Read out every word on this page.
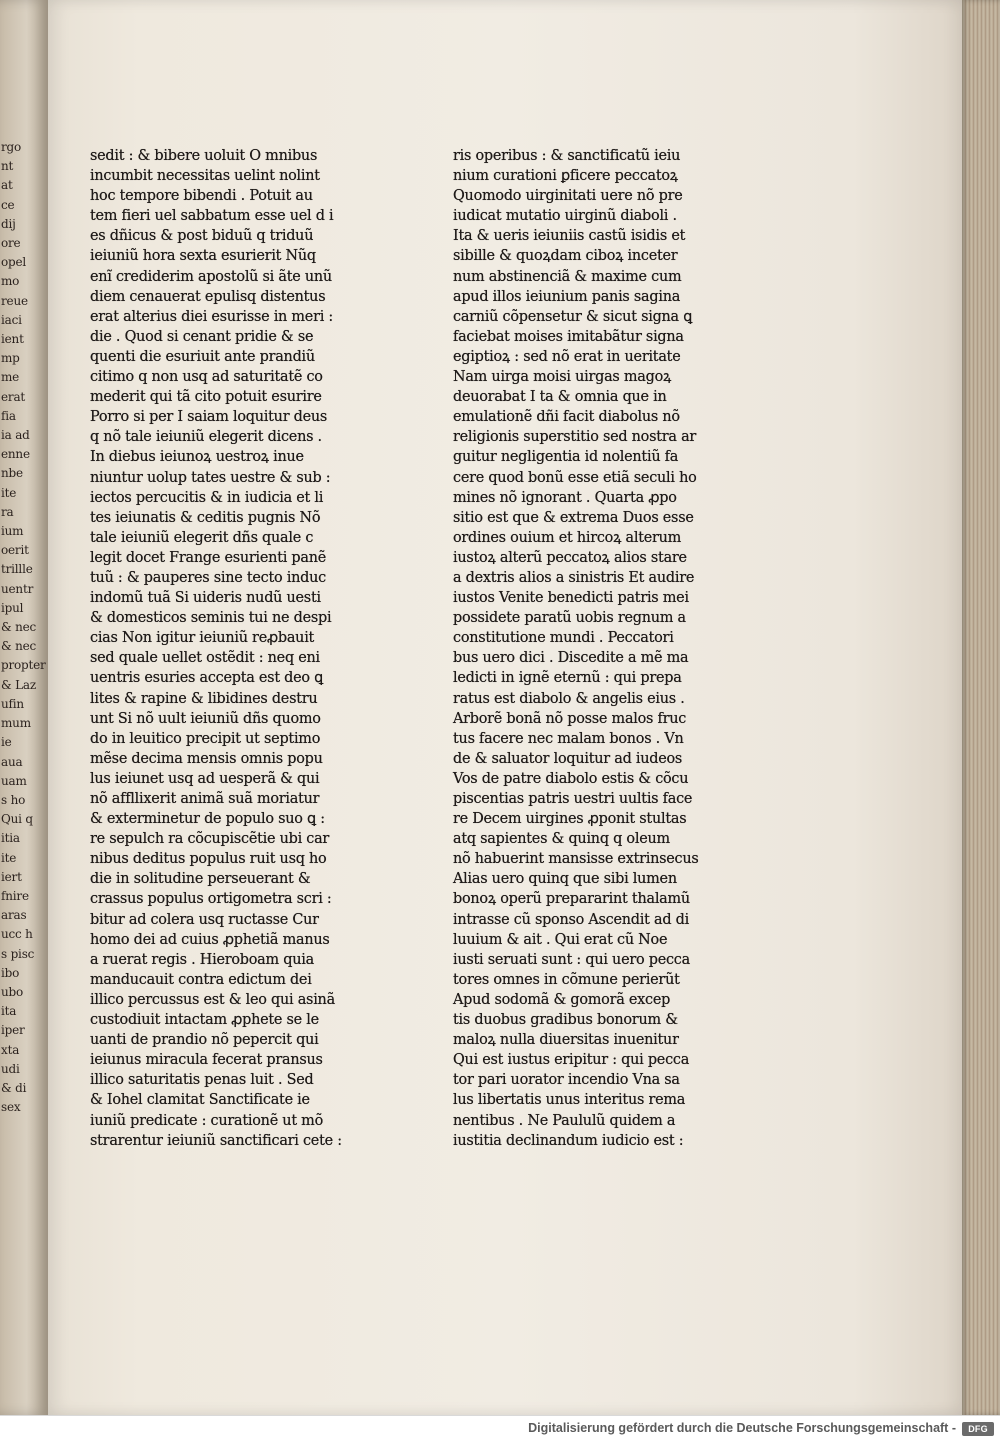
rgo
nt
at
ce
dij
ore
opel
mo
reue
iaci
ient
mp
me
erat
fia
ia ad
enne
nbe
ite
ra
ium
oerit
trillle
uentr
ipul
& nec
& nec
propter
& Laz
ufin
mum ie
aua
uam
s ho
Qui q
itia
ite
iert
fnire
aras
ucc h
s pisc
ibo
ubo
ita
iper
xta
udi
& di
sex
sedit : & bibere uoluit O mnibus
incumbit necessitas uelint nolint
hoc tempore bibendi . Potuit au
tem fieri uel sabbatum esse uel d i
es dñicus & post biduũ q triduũ
ieiuniũ hora sexta esurierit Nũq
enĩ crediderim apostolũ si ãte unũ
diem cenauerat epulisq distentus
erat alterius diei esurisse in meri :
die . Quod si cenant pridie & se
quenti die esuriuit ante prandiũ
citimo q non usq ad saturitatẽ co
mederit qui tã cito potuit esurire
Porro si per I saiam loquitur deus
q nõ tale ieiuniũ elegerit dicens .
In diebus ieiunoꝝ uestroꝝ inue
niuntur uolup tates uestre & sub :
iectos percucitis & in iudicia et li
tes ieiunatis & ceditis pugnis Nõ
tale ieiuniũ elegerit dñs quale c
legit docet Frange esurienti panẽ
tuũ : & pauperes sine tecto induc
indomũ tuã Si uideris nudũ uesti
& domesticos seminis tui ne despi
cias Non igitur ieiuniũ reꝓbauit
sed quale uellet ostẽdit : neq eni
uentris esuries accepta est deo ꝗ
lites & rapine & libidines destru
unt Si nõ uult ieiuniũ dñs quomo
do in leuitico precipit ut septimo
mẽse decima mensis omnis popu
lus ieiunet usq ad uesperã & qui
nõ affllixerit animã suã moriatur
& exterminetur de populo suo ꝗ :
re sepulch ra cõcupiscẽtie ubi car
nibus deditus populus ruit usq ho
die in solitudine perseuerant &
crassus populus ortigometra scri :
bitur ad colera usq ructasse Cur
homo dei ad cuius ꝓphetiã manus
a ruerat regis . Hieroboam quia
manducauit contra edictum dei
illico percussus est & leo qui asinã
custodiuit intactam ꝓphete se le
uanti de prandio nõ pepercit qui
ieiunus miracula fecerat pransus
illico saturitatis penas luit . Sed
& Iohel clamitat Sanctificate ie
iuniũ predicate : curationẽ ut mõ
strarentur ieiuniũ sanctificari cete :
ris operibus : & sanctificatũ ieiu
nium curationi ꝑficere peccatoꝝ
Quomodo uirginitati uere nõ pre
iudicat mutatio uirginũ diaboli .
Ita & ueris ieiuniis castũ isidis et
sibille & quoꝝdam ciboꝝ inceter
num abstinenciã & maxime cum
apud illos ieiunium panis sagina
carniũ cõpensetur & sicut signa ꝗ
faciebat moises imitabãtur signa
egiptioꝝ : sed nõ erat in ueritate
Nam uirga moisi uirgas magoꝝ
deuorabat I ta & omnia que in
emulationẽ dñi facit diabolus nõ
religionis superstitio sed nostra ar
guitur negligentia id nolentiũ fa
cere quod bonũ esse etiã seculi ho
mines nõ ignorant . Quarta ꝓpo
sitio est que & extrema Duos esse
ordines ouium et hircoꝝ alterum
iustoꝝ alterũ peccatoꝝ alios stare
a dextris alios a sinistris Et audire
iustos Venite benedicti patris mei
possidete paratũ uobis regnum a
constitutione mundi . Peccatori
bus uero dici . Discedite a mẽ ma
ledicti in ignẽ eternũ : qui prepa
ratus est diabolo & angelis eius .
Arborẽ bonã nõ posse malos fruc
tus facere nec malam bonos . Vn
de & saluator loquitur ad iudeos
Vos de patre diabolo estis & cõcu
piscentias patris uestri uultis face
re Decem uirgines ꝓponit stultas
atq sapientes & quinq q oleum
nõ habuerint mansisse extrinsecus
Alias uero quinq que sibi lumen
bonoꝝ operũ prepararint thalamũ
intrasse cũ sponso Ascendit ad di
luuium & ait . Qui erat cũ Noe
iusti seruati sunt : qui uero pecca
tores omnes in cõmune perierũt
Apud sodomã & gomorã excep
tis duobus gradibus bonorum &
maloꝝ nulla diuersitas inuenitur
Qui est iustus eripitur : qui pecca
tor pari uorator incendio Vna sa
lus libertatis unus interitus rema
nentibus . Ne Paululũ quidem a
iustitia declinandum iudicio est :
Digitalisierung gefördert durch die Deutsche Forschungsgemeinschaft -	DFG
